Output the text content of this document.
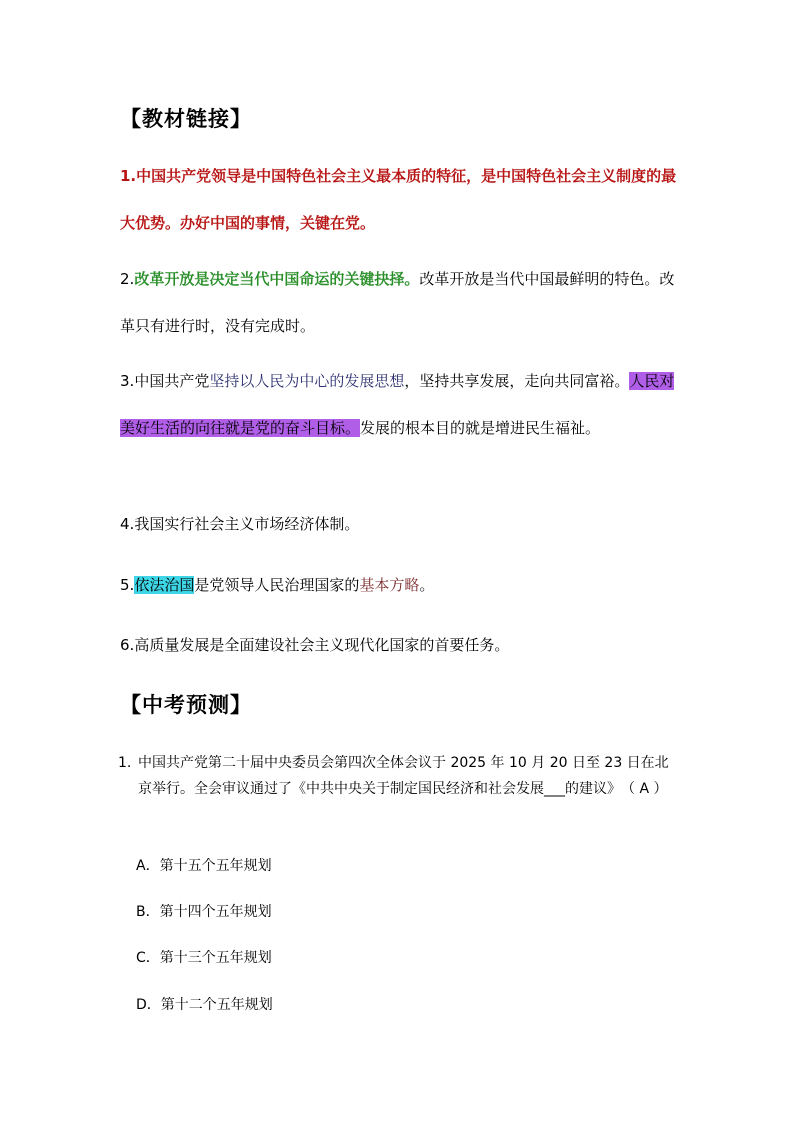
【教材链接】

1.中国共产党领导是中国特色社会主义最本质的特征，是中国特色社会主义制度的最大优势。办好中国的事情，关键在党。

2.改革开放是决定当代中国命运的关键抉择。改革开放是当代中国最鲜明的特色。改革只有进行时，没有完成时。

3.中国共产党坚持以人民为中心的发展思想，坚持共享发展，走向共同富裕。人民对美好生活的向往就是党的奋斗目标。发展的根本目的就是增进民生福祉。

4.我国实行社会主义市场经济体制。

5.依法治国是党领导人民治理国家的基本方略。

6.高质量发展是全面建设社会主义现代化国家的首要任务。

【中考预测】

1. 中国共产党第二十届中央委员会第四次全体会议于 2025 年 10 月 20 日至 23 日在北京举行。全会审议通过了《中共中央关于制定国民经济和社会发展___的建议》　（ A ）

A．第十五个五年规划
B．第十四个五年规划
C．第十三个五年规划
D．第十二个五年规划
